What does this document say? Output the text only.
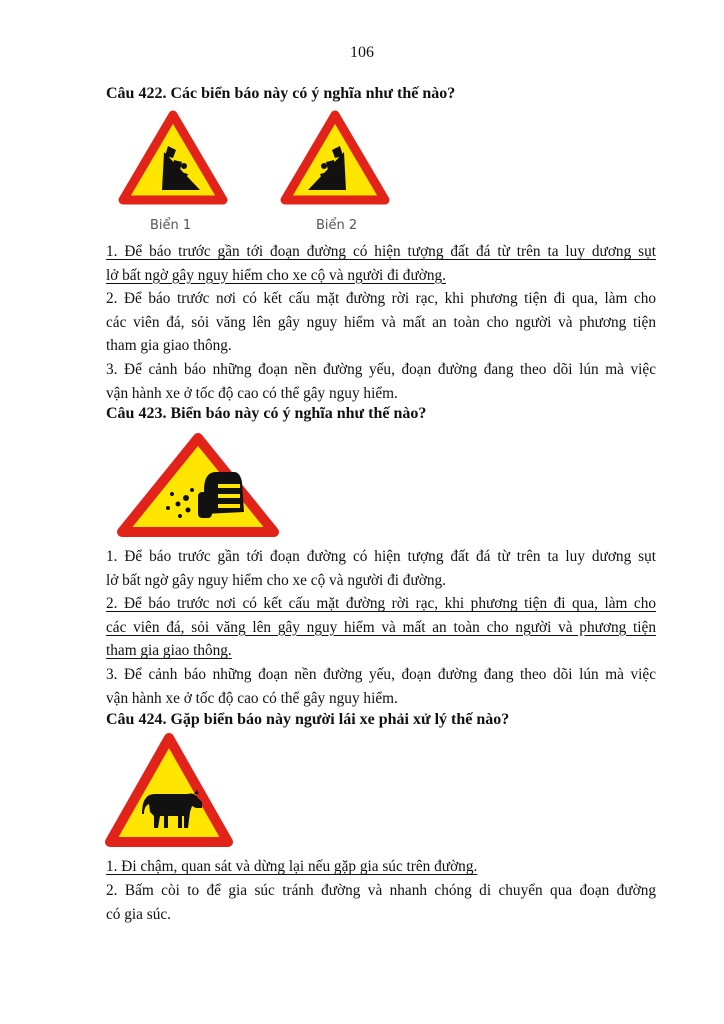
106
Câu 422. Các biển báo này có ý nghĩa như thế nào?
Biển 1	Biển 2
1. Để báo trước gần tới đoạn đường có hiện tượng đất đá từ trên ta luy dương sụt
lở bất ngờ gây nguy hiểm cho xe cộ và người đi đường.
2. Để báo trước nơi có kết cấu mặt đường rời rạc, khi phương tiện đi qua, làm cho
các viên đá, sỏi văng lên gây nguy hiểm và mất an toàn cho người và phương tiện
tham gia giao thông.
3. Để cảnh báo những đoạn nền đường yếu, đoạn đường đang theo dõi lún mà việc
vận hành xe ở tốc độ cao có thể gây nguy hiểm.
Câu 423. Biển báo này có ý nghĩa như thế nào?
1. Để báo trước gần tới đoạn đường có hiện tượng đất đá từ trên ta luy dương sụt
lở bất ngờ gây nguy hiểm cho xe cộ và người đi đường.
2. Để báo trước nơi có kết cấu mặt đường rời rạc, khi phương tiện đi qua, làm cho
các viên đá, sỏi văng lên gây nguy hiểm và mất an toàn cho người và phương tiện
tham gia giao thông.
3. Để cảnh báo những đoạn nền đường yếu, đoạn đường đang theo dõi lún mà việc
vận hành xe ở tốc độ cao có thể gây nguy hiểm.
Câu 424. Gặp biển báo này người lái xe phải xử lý thế nào?
1. Đi chậm, quan sát và dừng lại nếu gặp gia súc trên đường.
2. Bấm còi to để gia súc tránh đường và nhanh chóng di chuyển qua đoạn đường
có gia súc.
